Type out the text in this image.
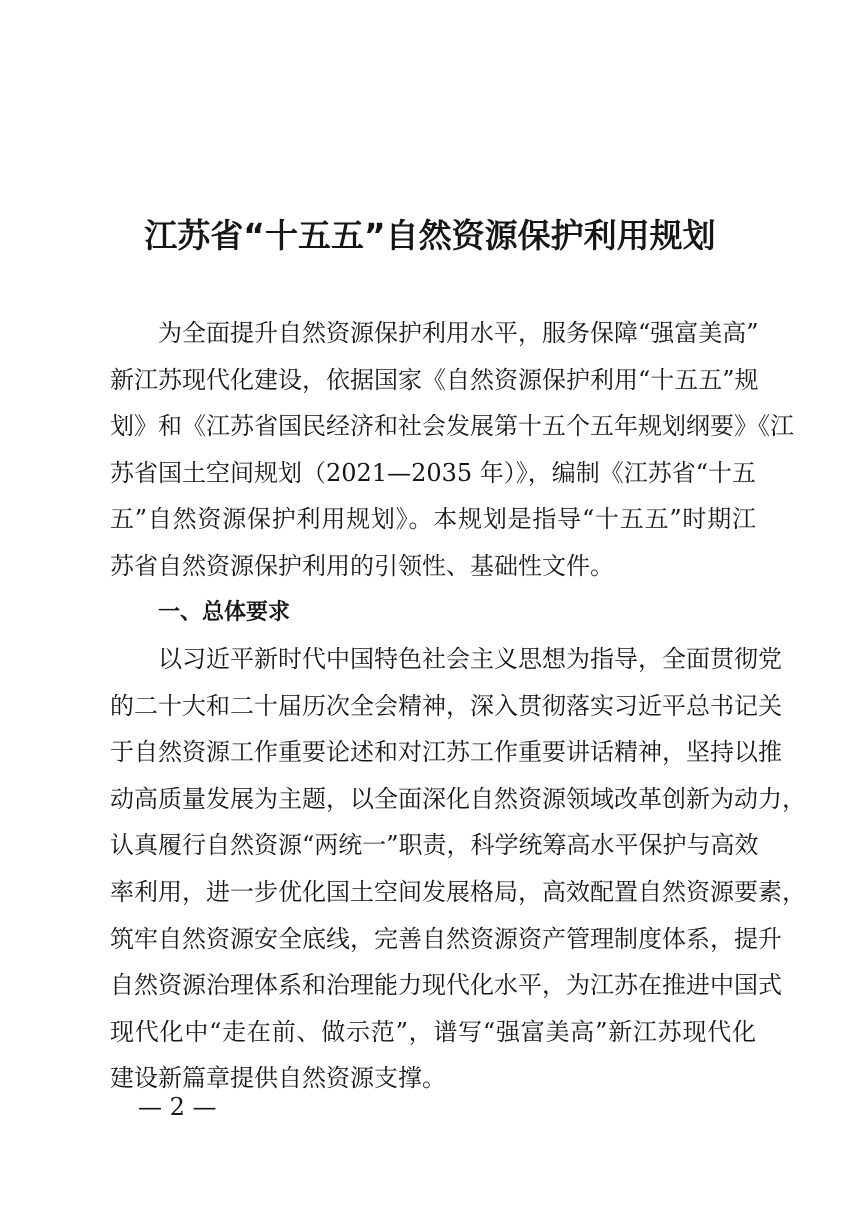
江苏省“十五五”自然资源保护利用规划
为全面提升自然资源保护利用水平，服务保障“强富美高”
新江苏现代化建设，依据国家《自然资源保护利用“十五五”规
划》和《江苏省国民经济和社会发展第十五个五年规划纲要》《江
苏省国土空间规划（2021—2035 年）》，编制《江苏省“十五
五”自然资源保护利用规划》。本规划是指导“十五五”时期江
苏省自然资源保护利用的引领性、基础性文件。
一、总体要求
以习近平新时代中国特色社会主义思想为指导，全面贯彻党
的二十大和二十届历次全会精神，深入贯彻落实习近平总书记关
于自然资源工作重要论述和对江苏工作重要讲话精神，坚持以推
动高质量发展为主题，以全面深化自然资源领域改革创新为动力，
认真履行自然资源“两统一”职责，科学统筹高水平保护与高效
率利用，进一步优化国土空间发展格局，高效配置自然资源要素，
筑牢自然资源安全底线，完善自然资源资产管理制度体系，提升
自然资源治理体系和治理能力现代化水平，为江苏在推进中国式
现代化中“走在前、做示范”，谱写“强富美高”新江苏现代化
建设新篇章提供自然资源支撑。
— 2 —
